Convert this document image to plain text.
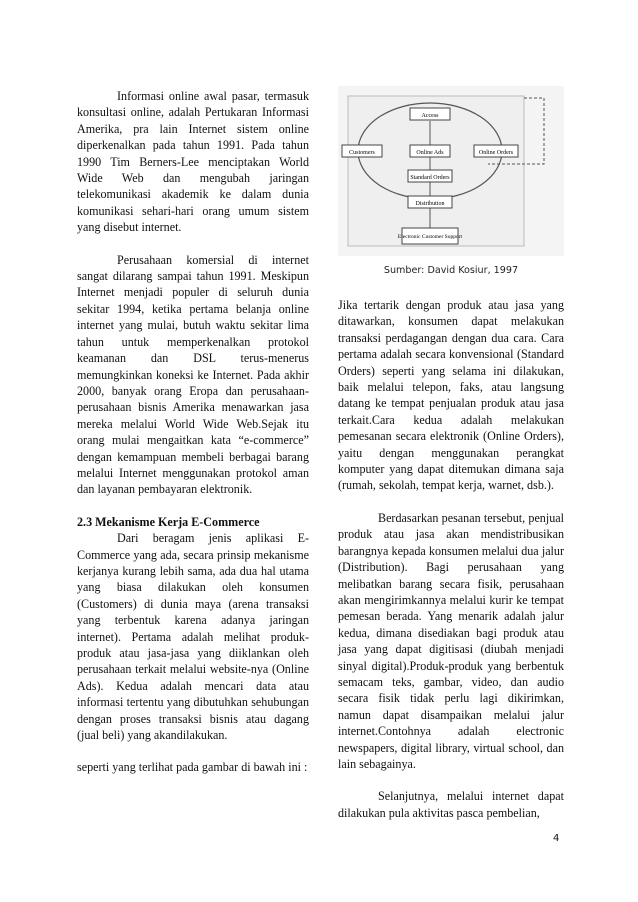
Informasi online awal pasar, termasuk konsultasi online, adalah Pertukaran Informasi Amerika, pra lain Internet sistem online diperkenalkan pada tahun 1991. Pada tahun 1990 Tim Berners-Lee menciptakan World Wide Web dan mengubah jaringan telekomunikasi akademik ke dalam dunia komunikasi sehari-hari orang umum sistem yang disebut internet.

Perusahaan komersial di internet sangat dilarang sampai tahun 1991. Meskipun Internet menjadi populer di seluruh dunia sekitar 1994, ketika pertama belanja online internet yang mulai, butuh waktu sekitar lima tahun untuk memperkenalkan protokol keamanan dan DSL terus-menerus memungkinkan koneksi ke Internet. Pada akhir 2000, banyak orang Eropa dan perusahaan-perusahaan bisnis Amerika menawarkan jasa mereka melalui World Wide Web.Sejak itu orang mulai mengaitkan kata “e-commerce” dengan kemampuan membeli berbagai barang melalui Internet menggunakan protokol aman dan layanan pembayaran elektronik.

2.3 Mekanisme Kerja E-Commerce

Dari beragam jenis aplikasi E-Commerce yang ada, secara prinsip mekanisme kerjanya kurang lebih sama, ada dua hal utama yang biasa dilakukan oleh konsumen (Customers) di dunia maya (arena transaksi yang terbentuk karena adanya jaringan internet). Pertama adalah melihat produk-produk atau jasa-jasa yang diiklankan oleh perusahaan terkait melalui website-nya (Online Ads). Kedua adalah mencari data atau informasi tertentu yang dibutuhkan sehubungan dengan proses transaksi bisnis atau dagang (jual beli) yang akandilakukan.

seperti yang terlihat pada gambar di bawah ini :

Access
Customers	Online Ads	Online Orders
Standard Orders
Distribution
Electronic Customer Support
Sumber: David Kosiur, 1997

Jika tertarik dengan produk atau jasa yang ditawarkan, konsumen dapat melakukan transaksi perdagangan dengan dua cara. Cara pertama adalah secara konvensional (Standard Orders) seperti yang selama ini dilakukan, baik melalui telepon, faks, atau langsung datang ke tempat penjualan produk atau jasa terkait.Cara kedua adalah melakukan pemesanan secara elektronik (Online Orders), yaitu dengan menggunakan perangkat komputer yang dapat ditemukan dimana saja (rumah, sekolah, tempat kerja, warnet, dsb.).

Berdasarkan pesanan tersebut, penjual produk atau jasa akan mendistribusikan barangnya kepada konsumen melalui dua jalur (Distribution). Bagi perusahaan yang melibatkan barang secara fisik, perusahaan akan mengirimkannya melalui kurir ke tempat pemesan berada. Yang menarik adalah jalur kedua, dimana disediakan bagi produk atau jasa yang dapat digitisasi (diubah menjadi sinyal digital).Produk-produk yang berbentuk semacam teks, gambar, video, dan audio secara fisik tidak perlu lagi dikirimkan, namun dapat disampaikan melalui jalur internet.Contohnya adalah electronic newspapers, digital library, virtual school, dan lain sebagainya.

Selanjutnya, melalui internet dapat dilakukan pula aktivitas pasca pembelian,

4
